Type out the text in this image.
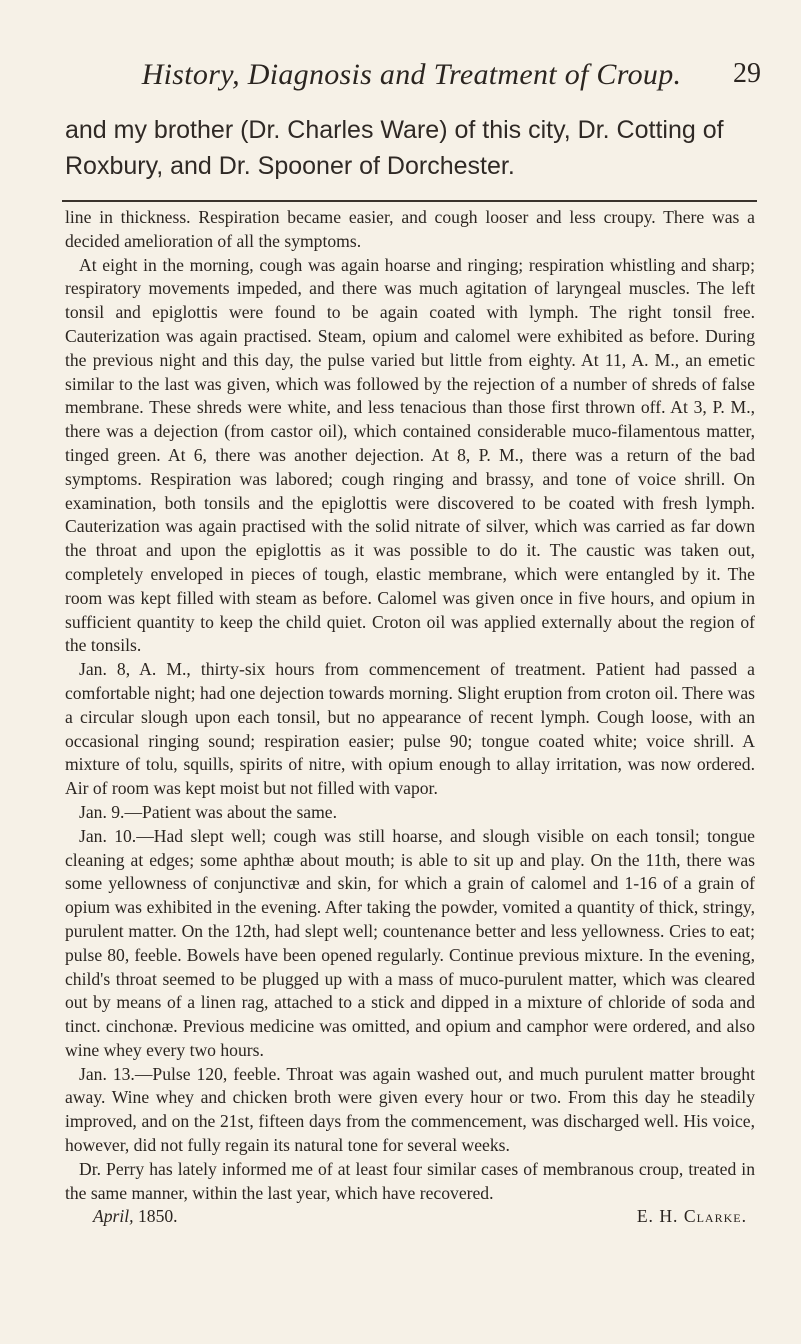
History, Diagnosis and Treatment of Croup.	29

and my brother (Dr. Charles Ware) of this city, Dr. Cotting of Roxbury, and Dr. Spooner of Dorchester.

line in thickness. Respiration became easier, and cough looser and less croupy. There was a decided amelioration of all the symptoms.

At eight in the morning, cough was again hoarse and ringing; respiration whistling and sharp; respiratory movements impeded, and there was much agitation of laryngeal muscles. The left tonsil and epiglottis were found to be again coated with lymph. The right tonsil free. Cauterization was again practised. Steam, opium and calomel were exhibited as before. During the previous night and this day, the pulse varied but little from eighty. At 11, A. M., an emetic similar to the last was given, which was followed by the rejection of a number of shreds of false membrane. These shreds were white, and less tenacious than those first thrown off. At 3, P. M., there was a dejection (from castor oil), which contained considerable muco-filamentous matter, tinged green. At 6, there was another dejection. At 8, P. M., there was a return of the bad symptoms. Respiration was labored; cough ringing and brassy, and tone of voice shrill. On examination, both tonsils and the epiglottis were discovered to be coated with fresh lymph. Cauterization was again practised with the solid nitrate of silver, which was carried as far down the throat and upon the epiglottis as it was possible to do it. The caustic was taken out, completely enveloped in pieces of tough, elastic membrane, which were entangled by it. The room was kept filled with steam as before. Calomel was given once in five hours, and opium in sufficient quantity to keep the child quiet. Croton oil was applied externally about the region of the tonsils.

Jan. 8, A. M., thirty-six hours from commencement of treatment. Patient had passed a comfortable night; had one dejection towards morning. Slight eruption from croton oil. There was a circular slough upon each tonsil, but no appearance of recent lymph. Cough loose, with an occasional ringing sound; respiration easier; pulse 90; tongue coated white; voice shrill. A mixture of tolu, squills, spirits of nitre, with opium enough to allay irritation, was now ordered. Air of room was kept moist but not filled with vapor.

Jan. 9.—Patient was about the same.

Jan. 10.—Had slept well; cough was still hoarse, and slough visible on each tonsil; tongue cleaning at edges; some aphthæ about mouth; is able to sit up and play. On the 11th, there was some yellowness of conjunctivæ and skin, for which a grain of calomel and 1-16 of a grain of opium was exhibited in the evening. After taking the powder, vomited a quantity of thick, stringy, purulent matter. On the 12th, had slept well; countenance better and less yellowness. Cries to eat; pulse 80, feeble. Bowels have been opened regularly. Continue previous mixture. In the evening, child's throat seemed to be plugged up with a mass of muco-purulent matter, which was cleared out by means of a linen rag, attached to a stick and dipped in a mixture of chloride of soda and tinct. cinchonæ. Previous medicine was omitted, and opium and camphor were ordered, and also wine whey every two hours.

Jan. 13.—Pulse 120, feeble. Throat was again washed out, and much purulent matter brought away. Wine whey and chicken broth were given every hour or two. From this day he steadily improved, and on the 21st, fifteen days from the commencement, was discharged well. His voice, however, did not fully regain its natural tone for several weeks.

Dr. Perry has lately informed me of at least four similar cases of membranous croup, treated in the same manner, within the last year, which have recovered.

April, 1850.	E. H. Clarke.
